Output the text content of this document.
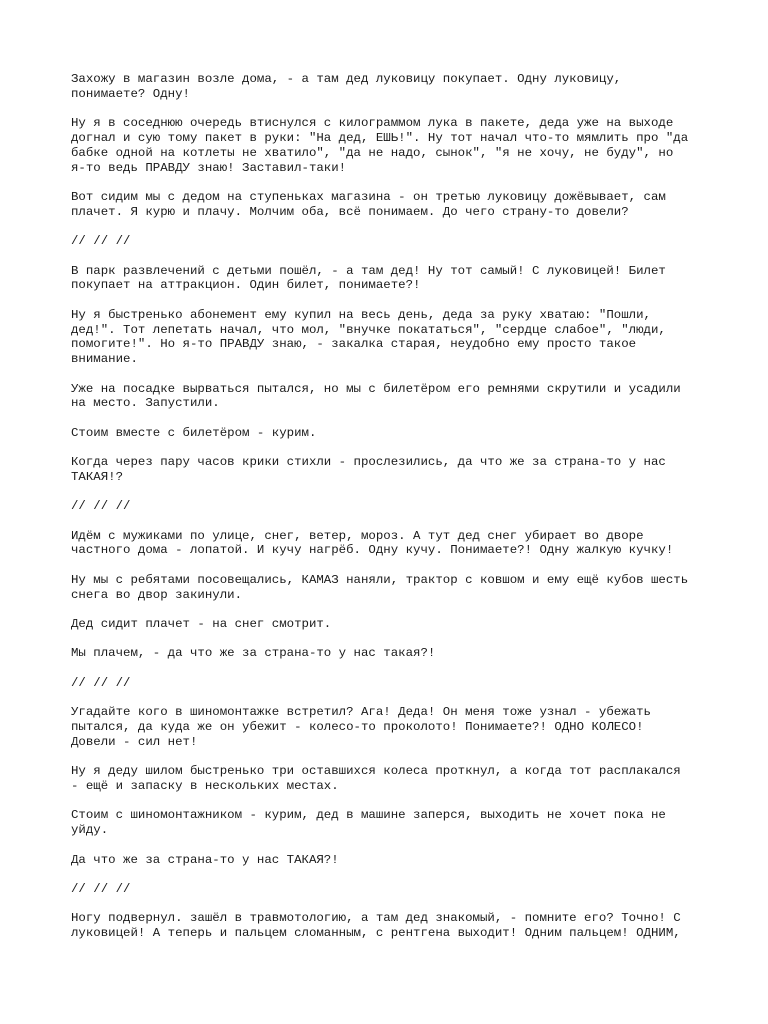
Захожу в магазин возле дома, - а там дед луковицу покупает. Одну луковицу,
понимаете? Одну!
Ну я в соседнюю очередь втиснулся с килограммом лука в пакете, деда уже на выходе
догнал и сую тому пакет в руки: "На дед, ЕШЬ!". Ну тот начал что-то мямлить про "да
бабке одной на котлеты не хватило", "да не надо, сынок", "я не хочу, не буду", но
я-то ведь ПРАВДУ знаю! Заставил-таки!
Вот сидим мы с дедом на ступеньках магазина - он третью луковицу дожёвывает, сам
плачет. Я курю и плачу. Молчим оба, всё понимаем. До чего страну-то довели?
// // //
В парк развлечений с детьми пошёл, - а там дед! Ну тот самый! С луковицей! Билет
покупает на аттракцион. Один билет, понимаете?!
Ну я быстренько абонемент ему купил на весь день, деда за руку хватаю: "Пошли,
дед!". Тот лепетать начал, что мол, "внучке покататься", "сердце слабое", "люди,
помогите!". Но я-то ПРАВДУ знаю, - закалка старая, неудобно ему просто такое
внимание.
Уже на посадке вырваться пытался, но мы с билетёром его ремнями скрутили и усадили
на место. Запустили.
Стоим вместе с билетёром - курим.
Когда через пару часов крики стихли - прослезились, да что же за страна-то у нас
ТАКАЯ!?
// // //
Идём с мужиками по улице, снег, ветер, мороз. А тут дед снег убирает во дворе
частного дома - лопатой. И кучу нагрёб. Одну кучу. Понимаете?! Одну жалкую кучку!
Ну мы с ребятами посовещались, КАМАЗ наняли, трактор с ковшом и ему ещё кубов шесть
снега во двор закинули.
Дед сидит плачет - на снег смотрит.
Мы плачем, - да что же за страна-то у нас такая?!
// // //
Угадайте кого в шиномонтажке встретил? Ага! Деда! Он меня тоже узнал - убежать
пытался, да куда же он убежит - колесо-то проколото! Понимаете?! ОДНО КОЛЕСО!
Довели - сил нет!
Ну я деду шилом быстренько три оставшихся колеса проткнул, а когда тот расплакался
- ещё и запаску в нескольких местах.
Стоим с шиномонтажником - курим, дед в машине заперся, выходить не хочет пока не
уйду.
Да что же за страна-то у нас ТАКАЯ?!
// // //
Ногу подвернул. зашёл в травмотологию, а там дед знакомый, - помните его? Точно! С
луковицей! А теперь и пальцем сломанным, с рентгена выходит! Одним пальцем! ОДНИМ,
